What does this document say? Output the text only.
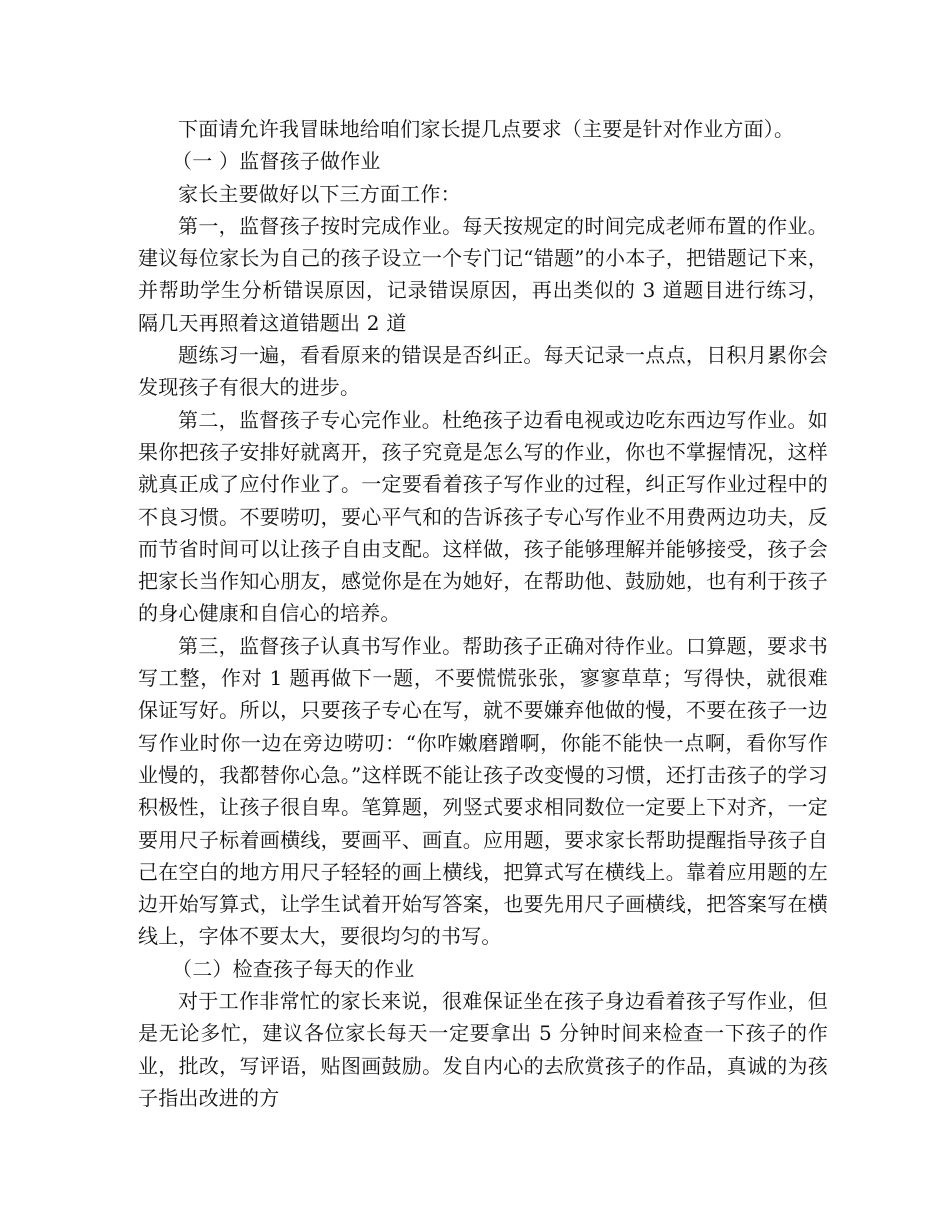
下面请允许我冒昧地给咱们家长提几点要求（主要是针对作业方面）。

（一 ）监督孩子做作业

家长主要做好以下三方面工作：

第一，监督孩子按时完成作业。每天按规定的时间完成老师布置的作业。建议每位家长为自己的孩子设立一个专门记“错题”的小本子，把错题记下来，并帮助学生分析错误原因，记录错误原因，再出类似的 3 道题目进行练习，隔几天再照着这道错题出 2 道

题练习一遍，看看原来的错误是否纠正。每天记录一点点，日积月累你会发现孩子有很大的进步。

第二，监督孩子专心完作业。杜绝孩子边看电视或边吃东西边写作业。如果你把孩子安排好就离开，孩子究竟是怎么写的作业，你也不掌握情况，这样就真正成了应付作业了。一定要看着孩子写作业的过程，纠正写作业过程中的不良习惯。不要唠叨，要心平气和的告诉孩子专心写作业不用费两边功夫，反而节省时间可以让孩子自由支配。这样做，孩子能够理解并能够接受，孩子会把家长当作知心朋友，感觉你是在为她好，在帮助他、鼓励她，也有利于孩子的身心健康和自信心的培养。

第三，监督孩子认真书写作业。帮助孩子正确对待作业。口算题，要求书写工整，作对 1 题再做下一题，不要慌慌张张，寥寥草草；写得快，就很难保证写好。所以，只要孩子专心在写，就不要嫌弃他做的慢，不要在孩子一边写作业时你一边在旁边唠叨：“你咋嫩磨蹭啊，你能不能快一点啊，看你写作业慢的，我都替你心急。”这样既不能让孩子改变慢的习惯，还打击孩子的学习积极性，让孩子很自卑。笔算题，列竖式要求相同数位一定要上下对齐，一定要用尺子标着画横线，要画平、画直。应用题，要求家长帮助提醒指导孩子自己在空白的地方用尺子轻轻的画上横线，把算式写在横线上。靠着应用题的左边开始写算式，让学生试着开始写答案，也要先用尺子画横线，把答案写在横线上，字体不要太大，要很均匀的书写。

（二）检查孩子每天的作业

对于工作非常忙的家长来说，很难保证坐在孩子身边看着孩子写作业，但是无论多忙，建议各位家长每天一定要拿出 5 分钟时间来检查一下孩子的作业，批改，写评语，贴图画鼓励。发自内心的去欣赏孩子的作品，真诚的为孩子指出改进的方
